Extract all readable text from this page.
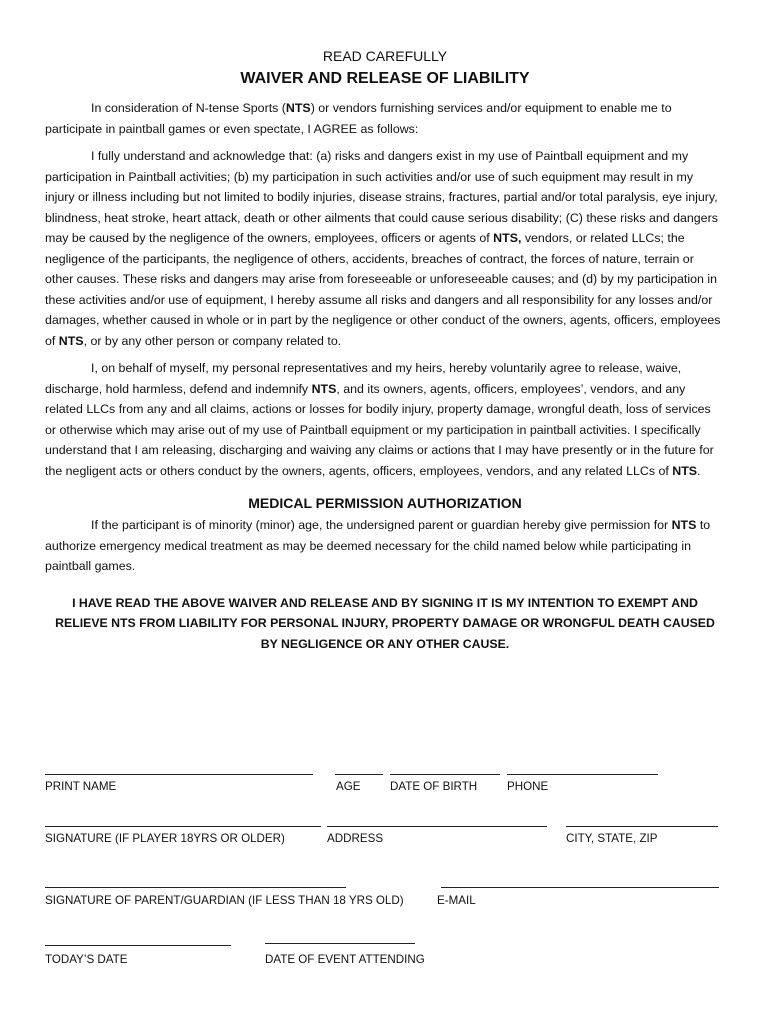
READ CAREFULLY

WAIVER AND RELEASE OF LIABILITY

In consideration of N-tense Sports (NTS) or vendors furnishing services and/or equipment to enable me to participate in paintball games or even spectate, I AGREE as follows:

I fully understand and acknowledge that: (a) risks and dangers exist in my use of Paintball equipment and my participation in Paintball activities; (b) my participation in such activities and/or use of such equipment may result in my injury or illness including but not limited to bodily injuries, disease strains, fractures, partial and/or total paralysis, eye injury, blindness, heat stroke, heart attack, death or other ailments that could cause serious disability; (C) these risks and dangers may be caused by the negligence of the owners, employees, officers or agents of NTS, vendors, or related LLCs; the negligence of the participants, the negligence of others, accidents, breaches of contract, the forces of nature, terrain or other causes. These risks and dangers may arise from foreseeable or unforeseeable causes; and (d) by my participation in these activities and/or use of equipment, I hereby assume all risks and dangers and all responsibility for any losses and/or damages, whether caused in whole or in part by the negligence or other conduct of the owners, agents, officers, employees of NTS, or by any other person or company related to.

I, on behalf of myself, my personal representatives and my heirs, hereby voluntarily agree to release, waive, discharge, hold harmless, defend and indemnify NTS, and its owners, agents, officers, employees’, vendors, and any related LLCs from any and all claims, actions or losses for bodily injury, property damage, wrongful death, loss of services or otherwise which may arise out of my use of Paintball equipment or my participation in paintball activities. I specifically understand that I am releasing, discharging and waiving any claims or actions that I may have presently or in the future for the negligent acts or others conduct by the owners, agents, officers, employees, vendors, and any related LLCs of NTS.

MEDICAL PERMISSION AUTHORIZATION

If the participant is of minority (minor) age, the undersigned parent or guardian hereby give permission for NTS to authorize emergency medical treatment as may be deemed necessary for the child named below while participating in paintball games.

I HAVE READ THE ABOVE WAIVER AND RELEASE AND BY SIGNING IT IS MY INTENTION TO EXEMPT AND RELIEVE NTS FROM LIABILITY FOR PERSONAL INJURY, PROPERTY DAMAGE OR WRONGFUL DEATH CAUSED BY NEGLIGENCE OR ANY OTHER CAUSE.

PRINT NAME	AGE	DATE OF BIRTH	PHONE
SIGNATURE (IF PLAYER 18YRS OR OLDER)	ADDRESS	CITY, STATE, ZIP
SIGNATURE OF PARENT/GUARDIAN (IF LESS THAN 18 YRS OLD)	E-MAIL
TODAY’S DATE	DATE OF EVENT ATTENDING
